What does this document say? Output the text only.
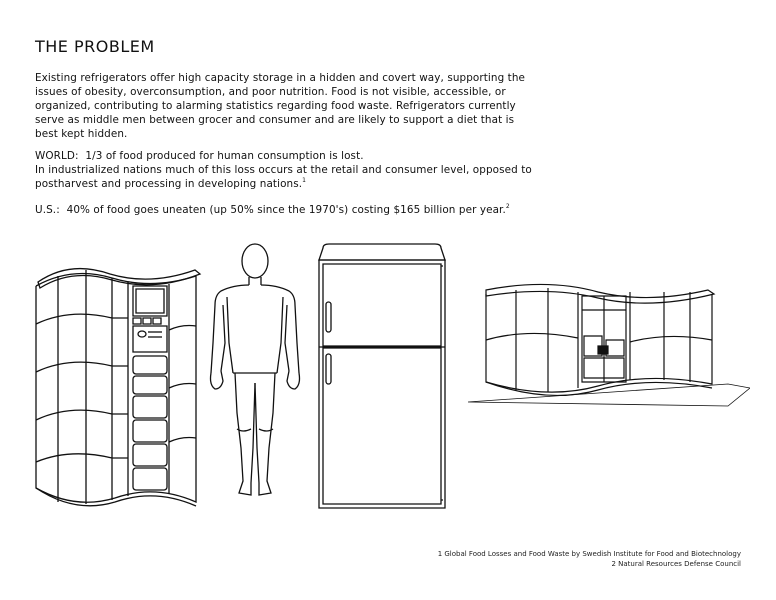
THE PROBLEM

Existing refrigerators offer high capacity storage in a hidden and covert way, supporting the issues of obesity, overconsumption, and poor nutrition. Food is not visible, accessible, or organized, contributing to alarming statistics regarding food waste. Refrigerators currently serve as middle men between grocer and consumer and are likely to support a diet that is best kept hidden.

WORLD: 1/3 of food produced for human consumption is lost.
In industrialized nations much of this loss occurs at the retail and consumer level, opposed to postharvest and processing in developing nations.$^1$
U.S.: 40% of food goes uneaten (up 50% since the 1970's) costing $165 billion per year.$^2$
1 Global Food Losses and Food Waste by Swedish Institute for Food and Biotechnology
2 Natural Resources Defense Council
